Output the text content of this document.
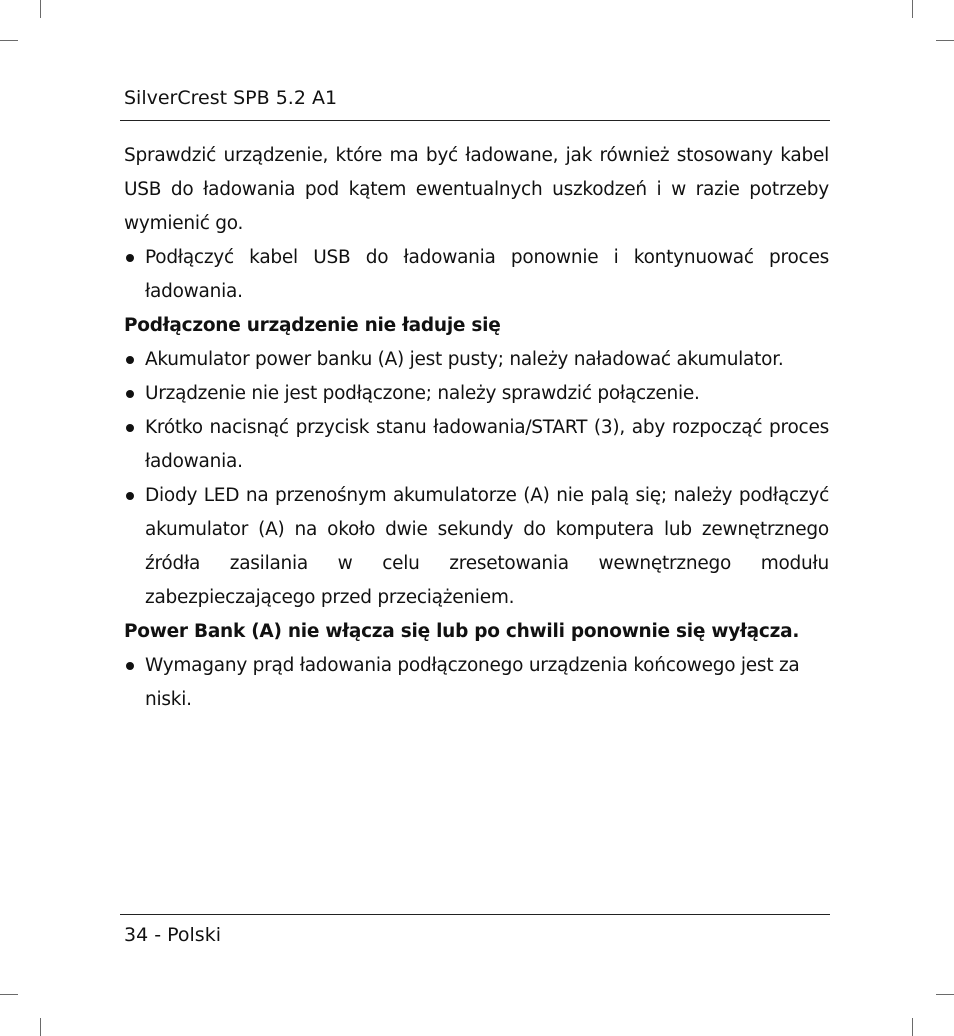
SilverCrest SPB 5.2 A1

Sprawdzić urządzenie, które ma być ładowane, jak również stosowany kabel USB do ładowania pod kątem ewentualnych uszkodzeń i w razie potrzeby wymienić go.

Podłączyć kabel USB do ładowania ponownie i kontynuować proces ładowania.

Podłączone urządzenie nie ładuje się

Akumulator power banku (A) jest pusty; należy naładować akumulator.
Urządzenie nie jest podłączone; należy sprawdzić połączenie.
Krótko nacisnąć przycisk stanu ładowania/START (3), aby rozpocząć proces ładowania.
Diody LED na przenośnym akumulatorze (A) nie palą się; należy podłączyć akumulator (A) na około dwie sekundy do komputera lub zewnętrznego źródła zasilania w celu zresetowania wewnętrznego modułu zabezpieczającego przed przeciążeniem.

Power Bank (A) nie włącza się lub po chwili ponownie się wyłącza.

Wymagany prąd ładowania podłączonego urządzenia końcowego jest za niski.
34 - Polski
